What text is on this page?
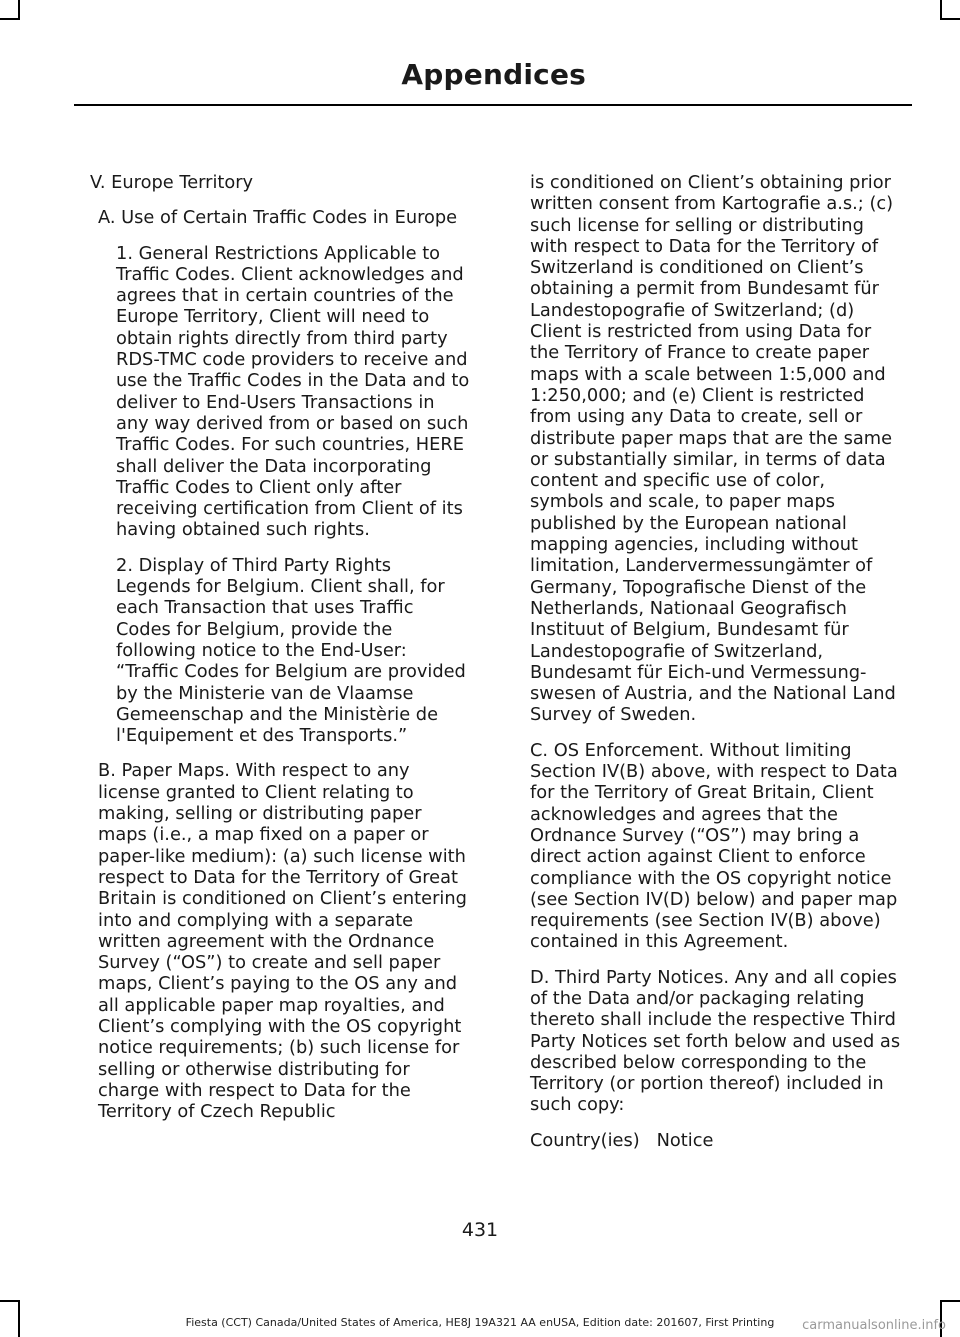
Appendices

V. Europe Territory

A. Use of Certain Traffic Codes in Europe

1. General Restrictions Applicable to Traffic Codes. Client acknowledges and agrees that in certain countries of the Europe Territory, Client will need to obtain rights directly from third party RDS-TMC code providers to receive and use the Traffic Codes in the Data and to deliver to End-Users Transactions in any way derived from or based on such Traffic Codes. For such countries, HERE shall deliver the Data incorporating Traffic Codes to Client only after receiving certification from Client of its having obtained such rights.

2. Display of Third Party Rights Legends for Belgium. Client shall, for each Transaction that uses Traffic Codes for Belgium, provide the following notice to the End-User: “Traffic Codes for Belgium are provided by the Ministerie van de Vlaamse Gemeenschap and the Ministèrie de l'Equipement et des Transports.”

B. Paper Maps. With respect to any license granted to Client relating to making, selling or distributing paper maps (i.e., a map fixed on a paper or paper-like medium): (a) such license with respect to Data for the Territory of Great Britain is conditioned on Client’s entering into and complying with a separate written agreement with the Ordnance Survey (“OS”) to create and sell paper maps, Client’s paying to the OS any and all applicable paper map royalties, and Client’s complying with the OS copyright notice requirements; (b) such license for selling or otherwise distributing for charge with respect to Data for the Territory of Czech Republic

is conditioned on Client’s obtaining prior written consent from Kartografie a.s.; (c) such license for selling or distributing with respect to Data for the Territory of Switzerland is conditioned on Client’s obtaining a permit from Bundesamt für Landestopografie of Switzerland; (d) Client is restricted from using Data for the Territory of France to create paper maps with a scale between 1:5,000 and 1:250,000; and (e) Client is restricted from using any Data to create, sell or distribute paper maps that are the same or substantially similar, in terms of data content and specific use of color, symbols and scale, to paper maps published by the European national mapping agencies, including without limitation, Landervermessungämter of Germany, Topografische Dienst of the Netherlands, Nationaal Geografisch Instituut of Belgium, Bundesamt für Landestopografie of Switzerland, Bundesamt für Eich-und Vermessung-swesen of Austria, and the National Land Survey of Sweden.

C. OS Enforcement. Without limiting Section IV(B) above, with respect to Data for the Territory of Great Britain, Client acknowledges and agrees that the Ordnance Survey (“OS”) may bring a direct action against Client to enforce compliance with the OS copyright notice (see Section IV(D) below) and paper map requirements (see Section IV(B) above) contained in this Agreement.

D. Third Party Notices. Any and all copies of the Data and/or packaging relating thereto shall include the respective Third Party Notices set forth below and used as described below corresponding to the Territory (or portion thereof) included in such copy:

Country(ies)   Notice

431
Fiesta (CCT) Canada/United States of America, HE8J 19A321 AA enUSA, Edition date: 201607, First Printing	carmanualsonline.info
